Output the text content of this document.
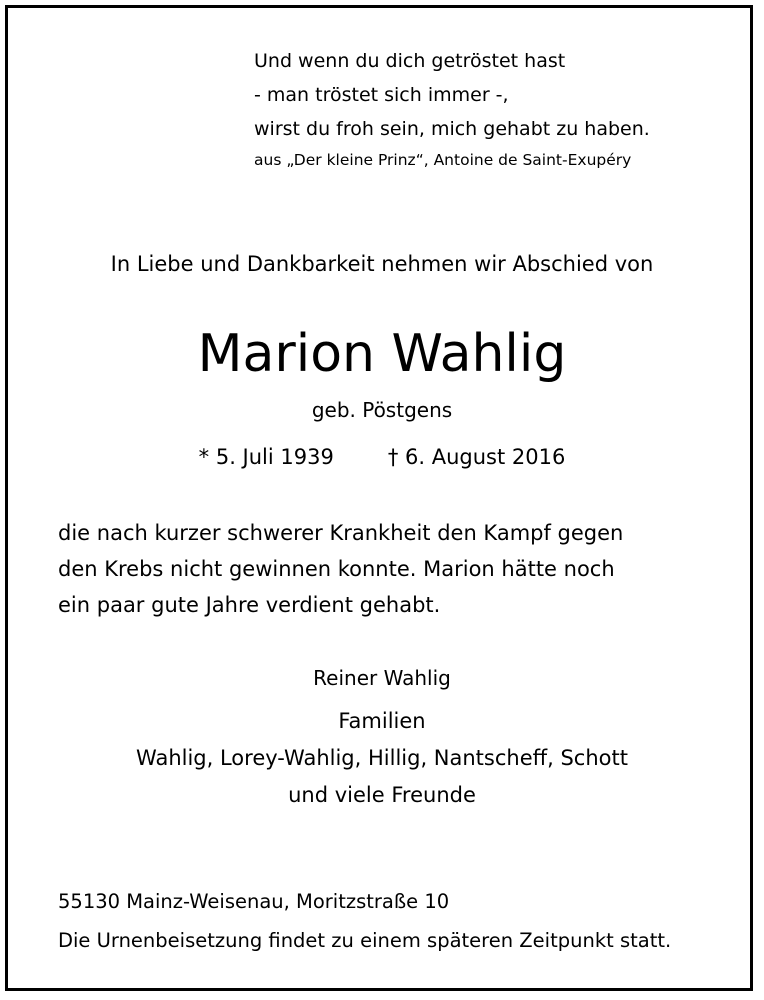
Und wenn du dich getröstet hast
- man tröstet sich immer -,
wirst du froh sein, mich gehabt zu haben.
aus „Der kleine Prinz“, Antoine de Saint-Exupéry
In Liebe und Dankbarkeit nehmen wir Abschied von
Marion Wahlig
geb. Pöstgens
* 5. Juli 1939	† 6. August 2016
die nach kurzer schwerer Krankheit den Kampf gegen
den Krebs nicht gewinnen konnte. Marion hätte noch
ein paar gute Jahre verdient gehabt.
Reiner Wahlig
Familien
Wahlig, Lorey-Wahlig, Hillig, Nantscheff, Schott
und viele Freunde
55130 Mainz-Weisenau, Moritzstraße 10
Die Urnenbeisetzung findet zu einem späteren Zeitpunkt statt.
